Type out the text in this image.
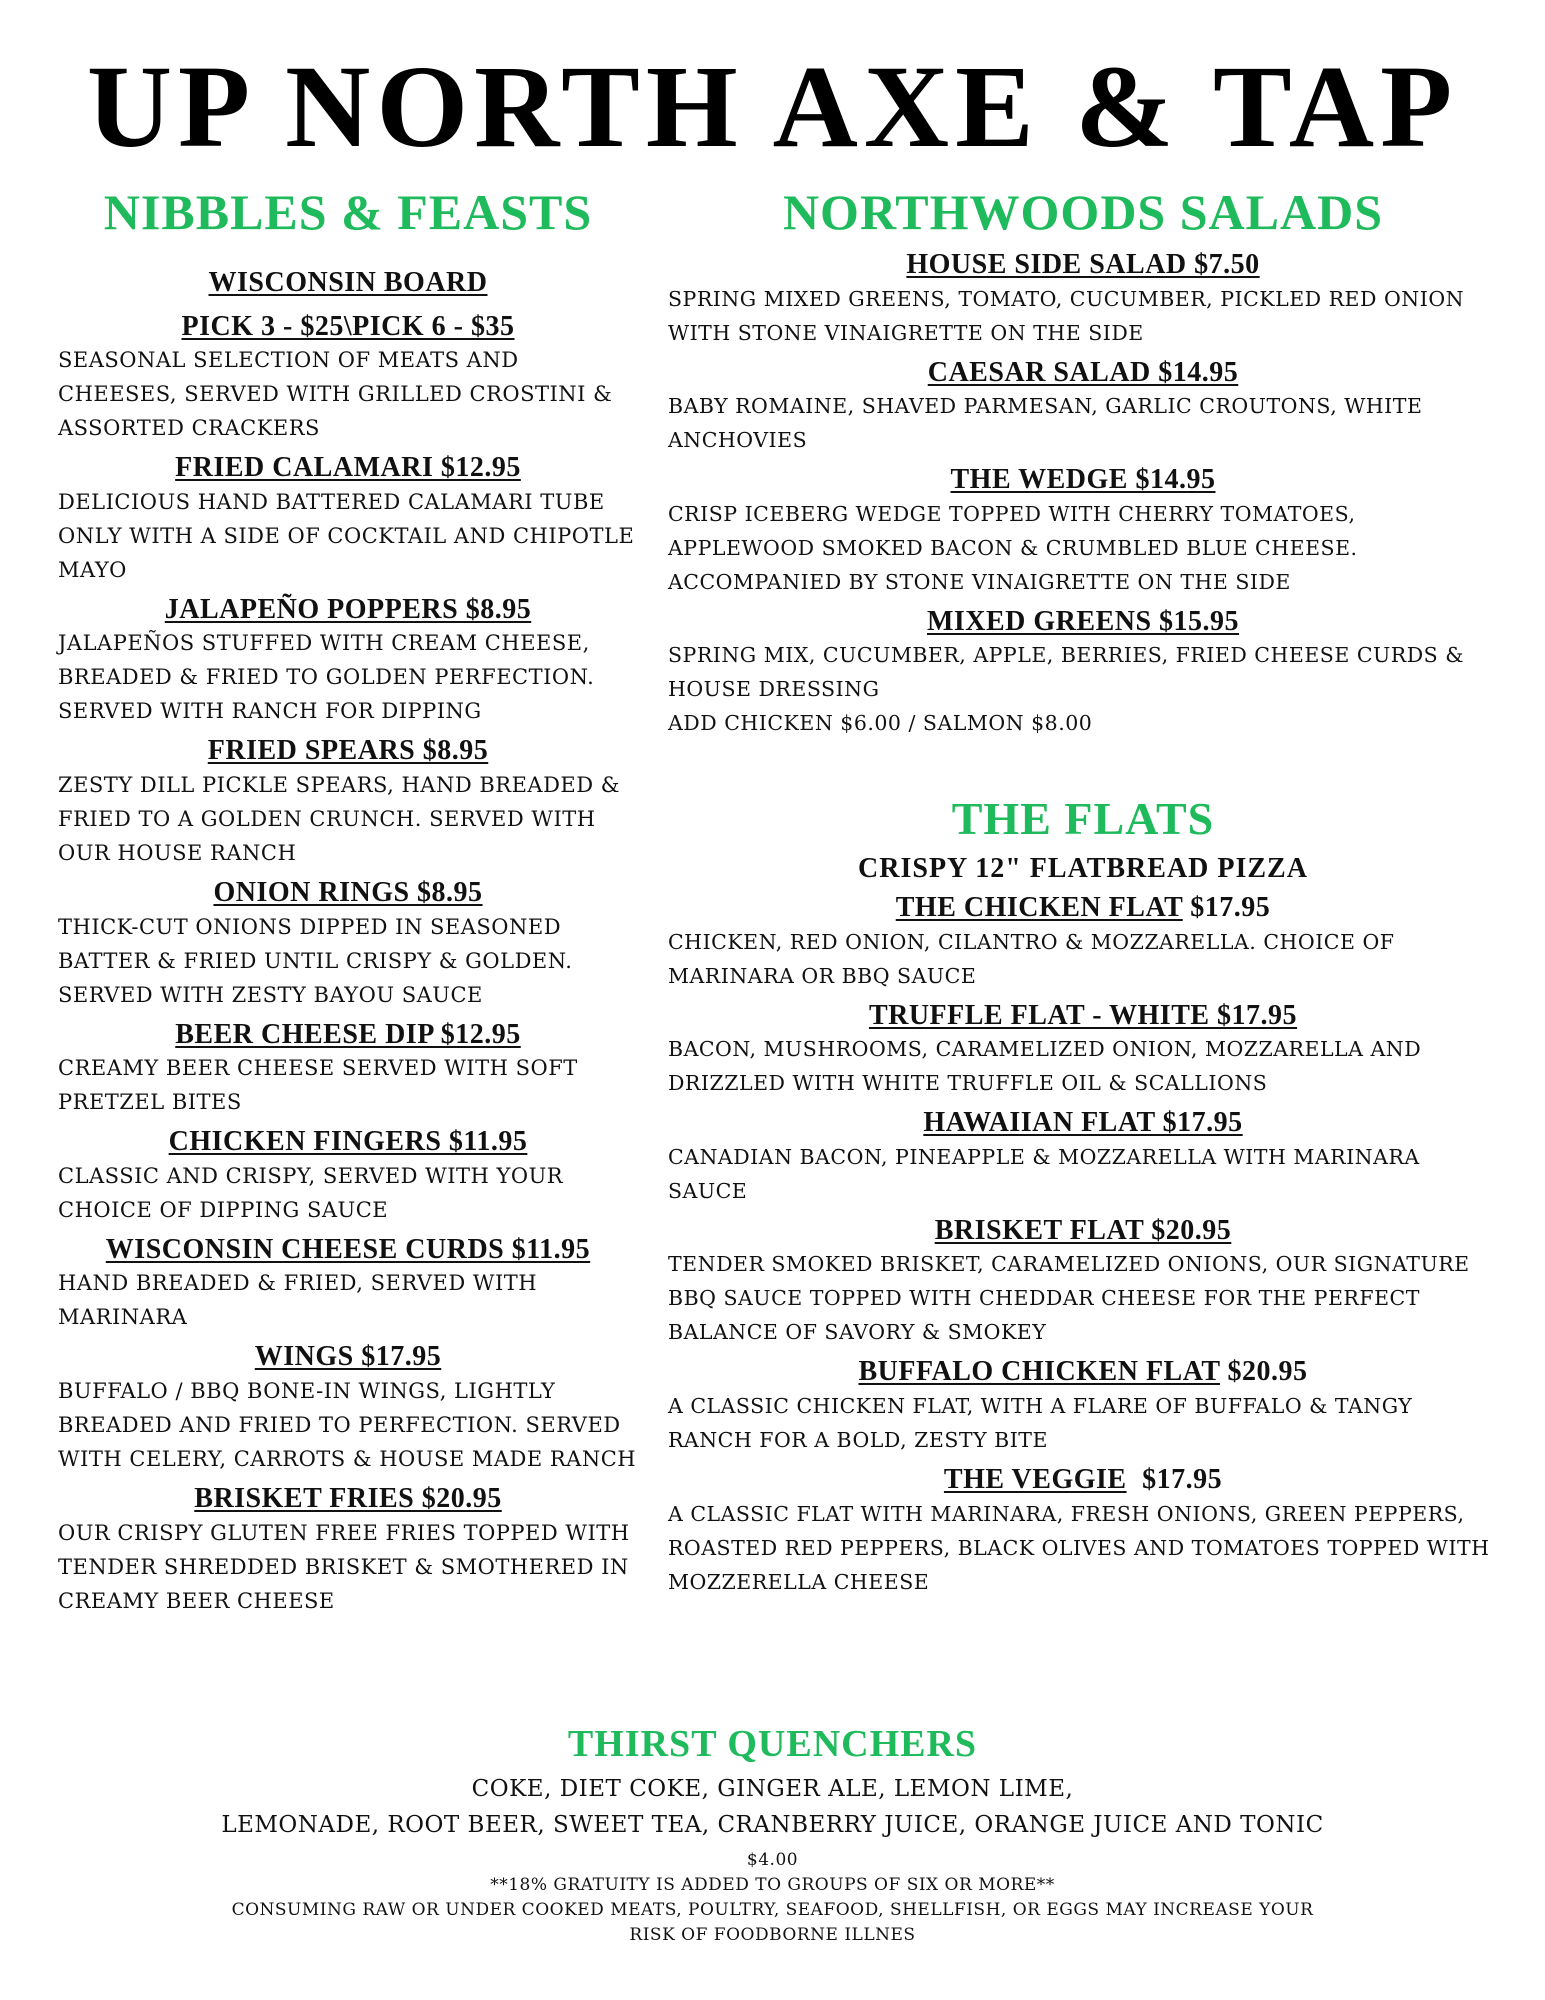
UP NORTH AXE & TAP
NIBBLES & FEASTS
WISCONSIN BOARD
PICK 3 - $25\PICK 6 - $35
SEASONAL SELECTION OF MEATS AND CHEESES, SERVED WITH GRILLED CROSTINI & ASSORTED CRACKERS
FRIED CALAMARI $12.95
DELICIOUS HAND BATTERED CALAMARI TUBE ONLY WITH A SIDE OF COCKTAIL AND CHIPOTLE MAYO
JALAPEÑO POPPERS $8.95
JALAPEÑOS STUFFED WITH CREAM CHEESE, BREADED & FRIED TO GOLDEN PERFECTION. SERVED WITH RANCH FOR DIPPING
FRIED SPEARS $8.95
ZESTY DILL PICKLE SPEARS, HAND BREADED & FRIED TO A GOLDEN CRUNCH. SERVED WITH OUR HOUSE RANCH
ONION RINGS $8.95
THICK-CUT ONIONS DIPPED IN SEASONED BATTER & FRIED UNTIL CRISPY & GOLDEN. SERVED WITH ZESTY BAYOU SAUCE
BEER CHEESE DIP $12.95
CREAMY BEER CHEESE SERVED WITH SOFT PRETZEL BITES
CHICKEN FINGERS $11.95
CLASSIC AND CRISPY, SERVED WITH YOUR CHOICE OF DIPPING SAUCE
WISCONSIN CHEESE CURDS $11.95
HAND BREADED & FRIED, SERVED WITH MARINARA
WINGS $17.95
BUFFALO / BBQ BONE-IN WINGS, LIGHTLY BREADED AND FRIED TO PERFECTION. SERVED WITH CELERY, CARROTS & HOUSE MADE RANCH
BRISKET FRIES $20.95
OUR CRISPY GLUTEN FREE FRIES TOPPED WITH TENDER SHREDDED BRISKET & SMOTHERED IN CREAMY BEER CHEESE
NORTHWOODS SALADS
HOUSE SIDE SALAD $7.50
SPRING MIXED GREENS, TOMATO, CUCUMBER, PICKLED RED ONION WITH STONE VINAIGRETTE ON THE SIDE
CAESAR SALAD $14.95
BABY ROMAINE, SHAVED PARMESAN, GARLIC CROUTONS, WHITE ANCHOVIES
THE WEDGE $14.95
CRISP ICEBERG WEDGE TOPPED WITH CHERRY TOMATOES, APPLEWOOD SMOKED BACON & CRUMBLED BLUE CHEESE. ACCOMPANIED BY STONE VINAIGRETTE ON THE SIDE
MIXED GREENS $15.95
SPRING MIX, CUCUMBER, APPLE, BERRIES, FRIED CHEESE CURDS & HOUSE DRESSING
ADD CHICKEN $6.00 / SALMON $8.00
THE FLATS
CRISPY 12" FLATBREAD PIZZA
THE CHICKEN FLAT $17.95
CHICKEN, RED ONION, CILANTRO & MOZZARELLA. CHOICE OF MARINARA OR BBQ SAUCE
TRUFFLE FLAT - WHITE $17.95
BACON, MUSHROOMS, CARAMELIZED ONION, MOZZARELLA AND DRIZZLED WITH WHITE TRUFFLE OIL & SCALLIONS
HAWAIIAN FLAT $17.95
CANADIAN BACON, PINEAPPLE & MOZZARELLA WITH MARINARA SAUCE
BRISKET FLAT $20.95
TENDER SMOKED BRISKET, CARAMELIZED ONIONS, OUR SIGNATURE BBQ SAUCE TOPPED WITH CHEDDAR CHEESE FOR THE PERFECT BALANCE OF SAVORY & SMOKEY
BUFFALO CHICKEN FLAT $20.95
A CLASSIC CHICKEN FLAT, WITH A FLARE OF BUFFALO & TANGY RANCH FOR A BOLD, ZESTY BITE
THE VEGGIE $17.95
A CLASSIC FLAT WITH MARINARA, FRESH ONIONS, GREEN PEPPERS, ROASTED RED PEPPERS, BLACK OLIVES AND TOMATOES TOPPED WITH MOZZERELLA CHEESE
THIRST QUENCHERS
COKE, DIET COKE, GINGER ALE, LEMON LIME,
LEMONADE, ROOT BEER, SWEET TEA, CRANBERRY JUICE, ORANGE JUICE AND TONIC
$4.00
**18% GRATUITY IS ADDED TO GROUPS OF SIX OR MORE**
CONSUMING RAW OR UNDER COOKED MEATS, POULTRY, SEAFOOD, SHELLFISH, OR EGGS MAY INCREASE YOUR
RISK OF FOODBORNE ILLNES
